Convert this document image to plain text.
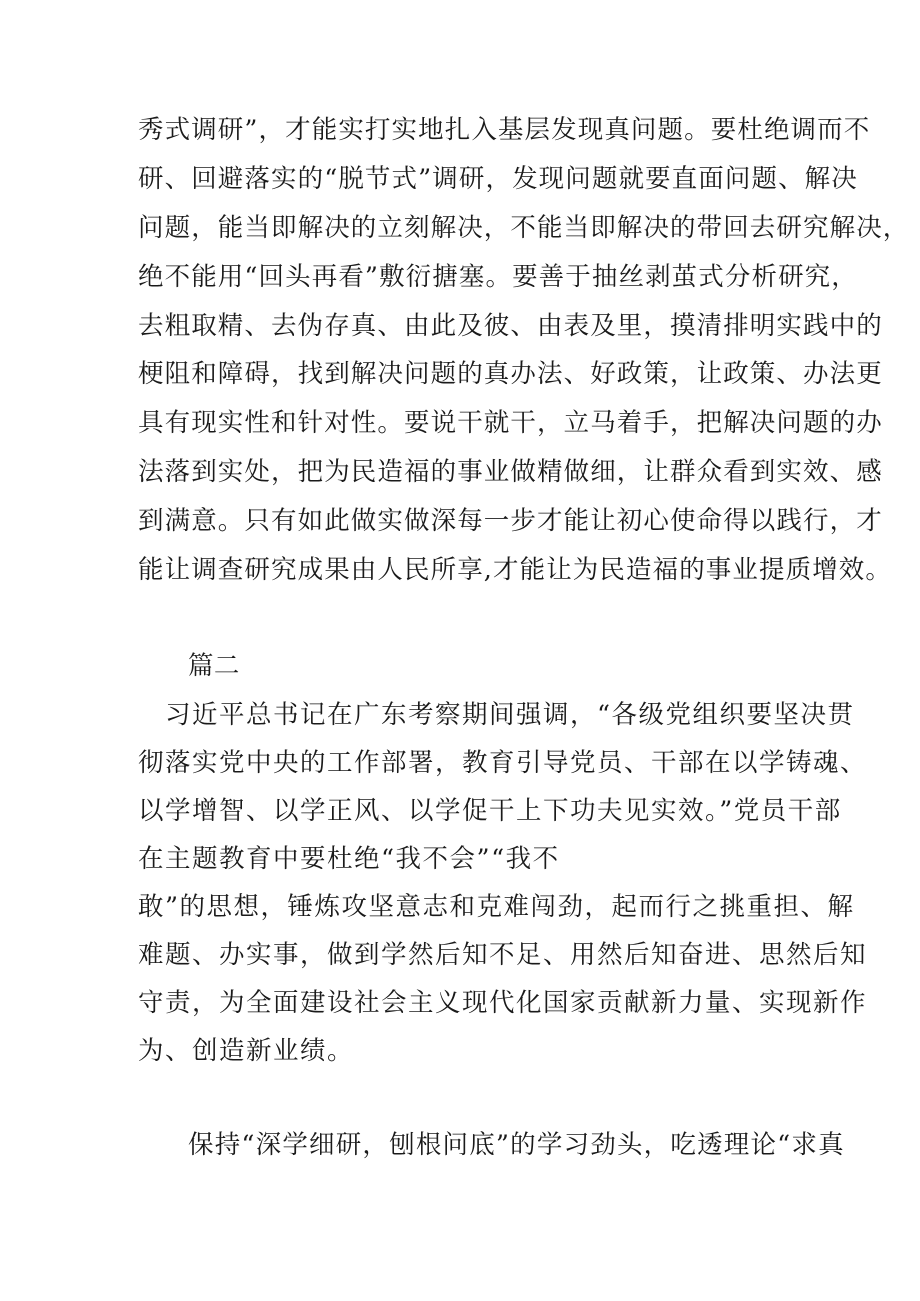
秀式调研”，才能实打实地扎入基层发现真问题。要杜绝调而不
研、回避落实的“脱节式”调研，发现问题就要直面问题、解决
问题，能当即解决的立刻解决，不能当即解决的带回去研究解决，
绝不能用“回头再看”敷衍搪塞。要善于抽丝剥茧式分析研究，
去粗取精、去伪存真、由此及彼、由表及里，摸清排明实践中的
梗阻和障碍，找到解决问题的真办法、好政策，让政策、办法更
具有现实性和针对性。要说干就干，立马着手，把解决问题的办
法落到实处，把为民造福的事业做精做细，让群众看到实效、感
到满意。只有如此做实做深每一步才能让初心使命得以践行，才
能让调查研究成果由人民所享,才能让为民造福的事业提质增效。
篇二
习近平总书记在广东考察期间强调，“各级党组织要坚决贯
彻落实党中央的工作部署，教育引导党员、干部在以学铸魂、
以学增智、以学正风、以学促干上下功夫见实效。”党员干部
在主题教育中要杜绝“我不会”“我不
敢”的思想，锤炼攻坚意志和克难闯劲，起而行之挑重担、解
难题、办实事，做到学然后知不足、用然后知奋进、思然后知
守责，为全面建设社会主义现代化国家贡献新力量、实现新作
为、创造新业绩。
保持“深学细研，刨根问底”的学习劲头，吃透理论“求真
